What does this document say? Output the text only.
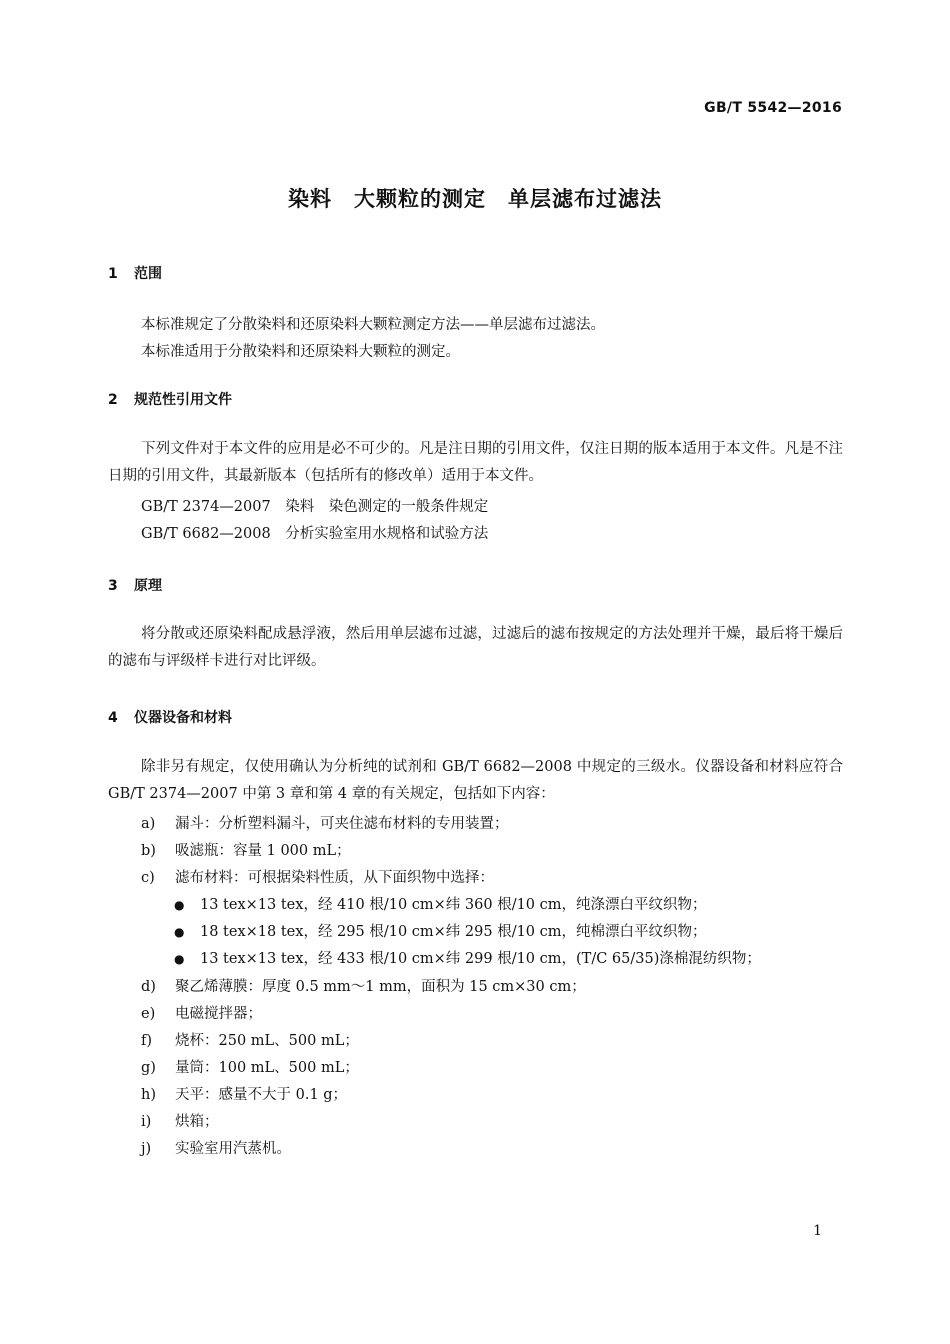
GB/T 5542—2016
染料　大颗粒的测定　单层滤布过滤法
1 范围
本标准规定了分散染料和还原染料大颗粒测定方法——单层滤布过滤法。
本标准适用于分散染料和还原染料大颗粒的测定。
2 规范性引用文件

下列文件对于本文件的应用是必不可少的。凡是注日期的引用文件，仅注日期的版本适用于本文件。凡是不注日期的引用文件，其最新版本（包括所有的修改单）适用于本文件。

GB/T 2374—2007　染料　染色测定的一般条件规定
GB/T 6682—2008　分析实验室用水规格和试验方法
3 原理

将分散或还原染料配成悬浮液，然后用单层滤布过滤，过滤后的滤布按规定的方法处理并干燥，最后将干燥后的滤布与评级样卡进行对比评级。

4 仪器设备和材料

除非另有规定，仅使用确认为分析纯的试剂和 GB/T 6682—2008 中规定的三级水。仪器设备和材料应符合 GB/T 2374—2007 中第 3 章和第 4 章的有关规定，包括如下内容：

a) 漏斗：分析塑料漏斗，可夹住滤布材料的专用装置；
b) 吸滤瓶：容量 1 000 mL；
c) 滤布材料：可根据染料性质，从下面织物中选择：
● 13 tex×13 tex，经 410 根/10 cm×纬 360 根/10 cm，纯涤漂白平纹织物；
● 18 tex×18 tex，经 295 根/10 cm×纬 295 根/10 cm，纯棉漂白平纹织物；
● 13 tex×13 tex，经 433 根/10 cm×纬 299 根/10 cm，(T/C 65/35)涤棉混纺织物；
d) 聚乙烯薄膜：厚度 0.5 mm～1 mm，面积为 15 cm×30 cm；
e) 电磁搅拌器；
f) 烧杯：250 mL、500 mL；
g) 量筒：100 mL、500 mL；
h) 天平：感量不大于 0.1 g；
i) 烘箱；
j) 实验室用汽蒸机。
1
